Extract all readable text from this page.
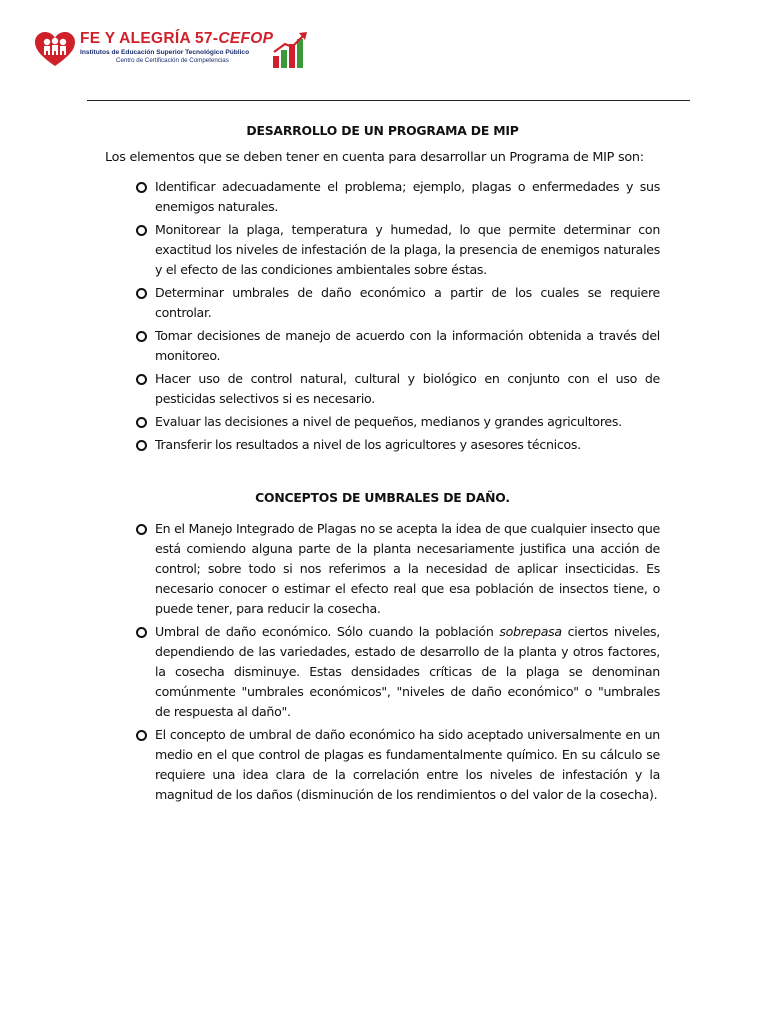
FE Y ALEGRÍA 57-CEFOP
Institutos de Educación Superior Tecnológico Público
Centro de Certificación de Competencias
DESARROLLO DE UN PROGRAMA DE MIP
Los elementos que se deben tener en cuenta para desarrollar un Programa de MIP son:
Identificar adecuadamente el problema; ejemplo, plagas o enfermedades y sus enemigos naturales.
Monitorear la plaga, temperatura y humedad, lo que permite determinar con exactitud los niveles de infestación de la plaga, la presencia de enemigos naturales y el efecto de las condiciones ambientales sobre éstas.
Determinar umbrales de daño económico a partir de los cuales se requiere controlar.
Tomar decisiones de manejo de acuerdo con la información obtenida a través del monitoreo.
Hacer uso de control natural, cultural y biológico en conjunto con el uso de pesticidas selectivos si es necesario.
Evaluar las decisiones a nivel de pequeños, medianos y grandes agricultores.
Transferir los resultados a nivel de los agricultores y asesores técnicos.
CONCEPTOS DE UMBRALES DE DAÑO.
En el Manejo Integrado de Plagas no se acepta la idea de que cualquier insecto que está comiendo alguna parte de la planta necesariamente justifica una acción de control; sobre todo si nos referimos a la necesidad de aplicar insecticidas. Es necesario conocer o estimar el efecto real que esa población de insectos tiene, o puede tener, para reducir la cosecha.
Umbral de daño económico. Sólo cuando la población sobrepasa ciertos niveles, dependiendo de las variedades, estado de desarrollo de la planta y otros factores, la cosecha disminuye. Estas densidades críticas de la plaga se denominan comúnmente "umbrales económicos", "niveles de daño económico" o "umbrales de respuesta al daño".
El concepto de umbral de daño económico ha sido aceptado universalmente en un medio en el que control de plagas es fundamentalmente químico. En su cálculo se requiere una idea clara de la correlación entre los niveles de infestación y la magnitud de los daños (disminución de los rendimientos o del valor de la cosecha).
